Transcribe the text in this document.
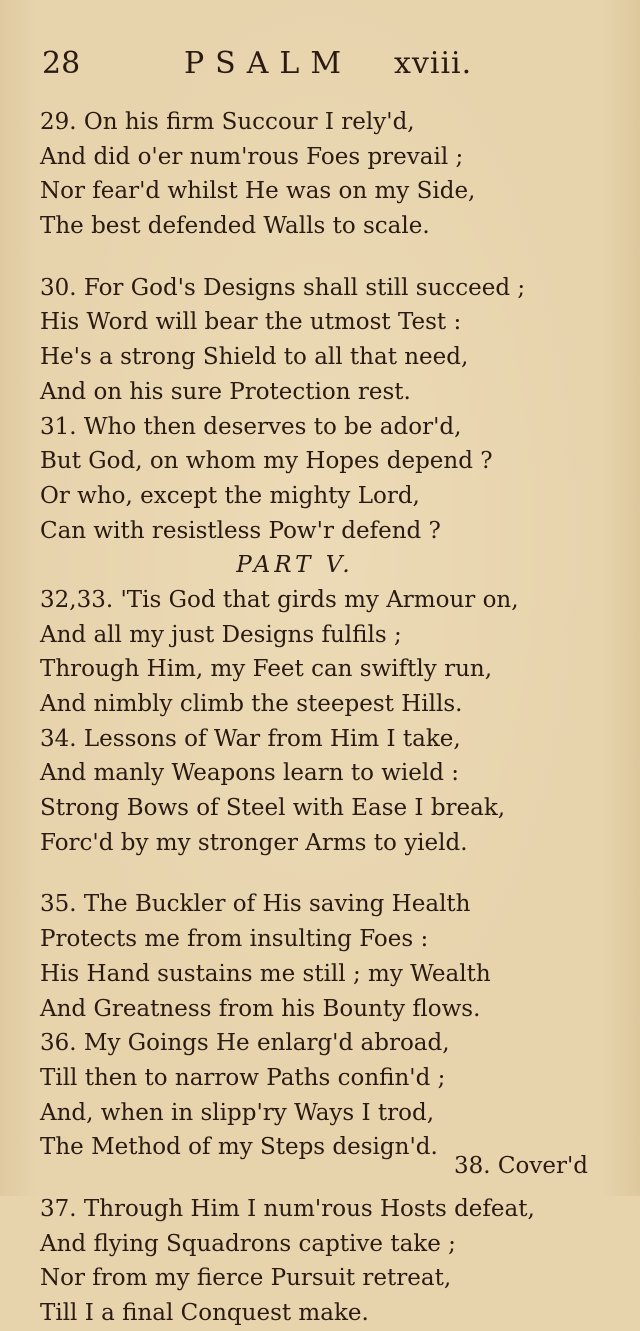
28	PSALM xviii.
29. On his firm Succour I rely'd,
And did o'er num'rous Foes prevail ;
Nor fear'd whilst He was on my Side,
The best defended Walls to scale.
30. For God's Designs shall still succeed ;
His Word will bear the utmost Test :
He's a strong Shield to all that need,
And on his sure Protection rest.
31. Who then deserves to be ador'd,
But God, on whom my Hopes depend ?
Or who, except the mighty Lord,
Can with resistless Pow'r defend ?
PART V.
32,33. 'Tis God that girds my Armour on,
And all my just Designs fulfils ;
Through Him, my Feet can swiftly run,
And nimbly climb the steepest Hills.
34. Lessons of War from Him I take,
And manly Weapons learn to wield :
Strong Bows of Steel with Ease I break,
Forc'd by my stronger Arms to yield.
35. The Buckler of His saving Health
Protects me from insulting Foes :
His Hand sustains me still ; my Wealth
And Greatness from his Bounty flows.
36. My Goings He enlarg'd abroad,
Till then to narrow Paths confin'd ;
And, when in slipp'ry Ways I trod,
The Method of my Steps design'd.
37. Through Him I num'rous Hosts defeat,
And flying Squadrons captive take ;
Nor from my fierce Pursuit retreat,
Till I a final Conquest make.
38. Cover'd
